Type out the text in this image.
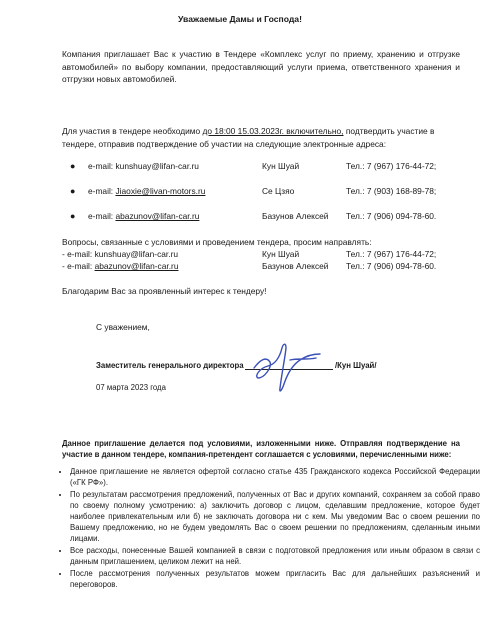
Уважаемые Дамы и Господа!
Компания приглашает Вас к участию в Тендере «Комплекс услуг по приему, хранению и отгрузке автомобилей» по выбору компании, предоставляющий услуги приема, ответственного хранения и отгрузки новых автомобилей.
Для участия в тендере необходимо до 18:00 15.03.2023г. включительно, подтвердить участие в тендере, отправив подтверждение об участии на следующие электронные адреса:
● e-mail: kunshuay@lifan-car.ru	Кун Шуай	Тел.: 7 (967) 176-44-72;
● e-mail: Jiaoxie@livan-motors.ru	Се Цзяо	Тел.: 7 (903) 168-89-78;
● e-mail: abazunov@lifan-car.ru	Базунов Алексей Тел.: 7 (906) 094-78-60.
Вопросы, связанные с условиями и проведением тендера, просим направлять:
- e-mail: kunshuay@lifan-car.ru	Кун Шуай	Тел.: 7 (967) 176-44-72;
- e-mail: abazunov@lifan-car.ru	Базунов Алексей Тел.: 7 (906) 094-78-60.
Благодарим Вас за проявленный интерес к тендеру!
С уважением,
Заместитель генерального директора	/Кун Шуай/
07 марта 2023 года
Данное приглашение делается под условиями, изложенными ниже. Отправляя подтверждение на участие в данном тендере, компания-претендент соглашается с условиями, перечисленными ниже:
• Данное приглашение не является офертой согласно статье 435 Гражданского кодекса Российской Федерации («ГК РФ»).
• По результатам рассмотрения предложений, полученных от Вас и других компаний, сохраняем за собой право по своему полному усмотрению: а) заключить договор с лицом, сделавшим предложение, которое будет наиболее привлекательным или б) не заключать договора ни с кем. Мы уведомим Вас о своем решении по Вашему предложению, но не будем уведомлять Вас о своем решении по предложениям, сделанным иными лицами.
• Все расходы, понесенные Вашей компанией в связи с подготовкой предложения или иным образом в связи с данным приглашением, целиком лежит на ней.
• После рассмотрения полученных результатов можем пригласить Вас для дальнейших разъяснений и переговоров.
